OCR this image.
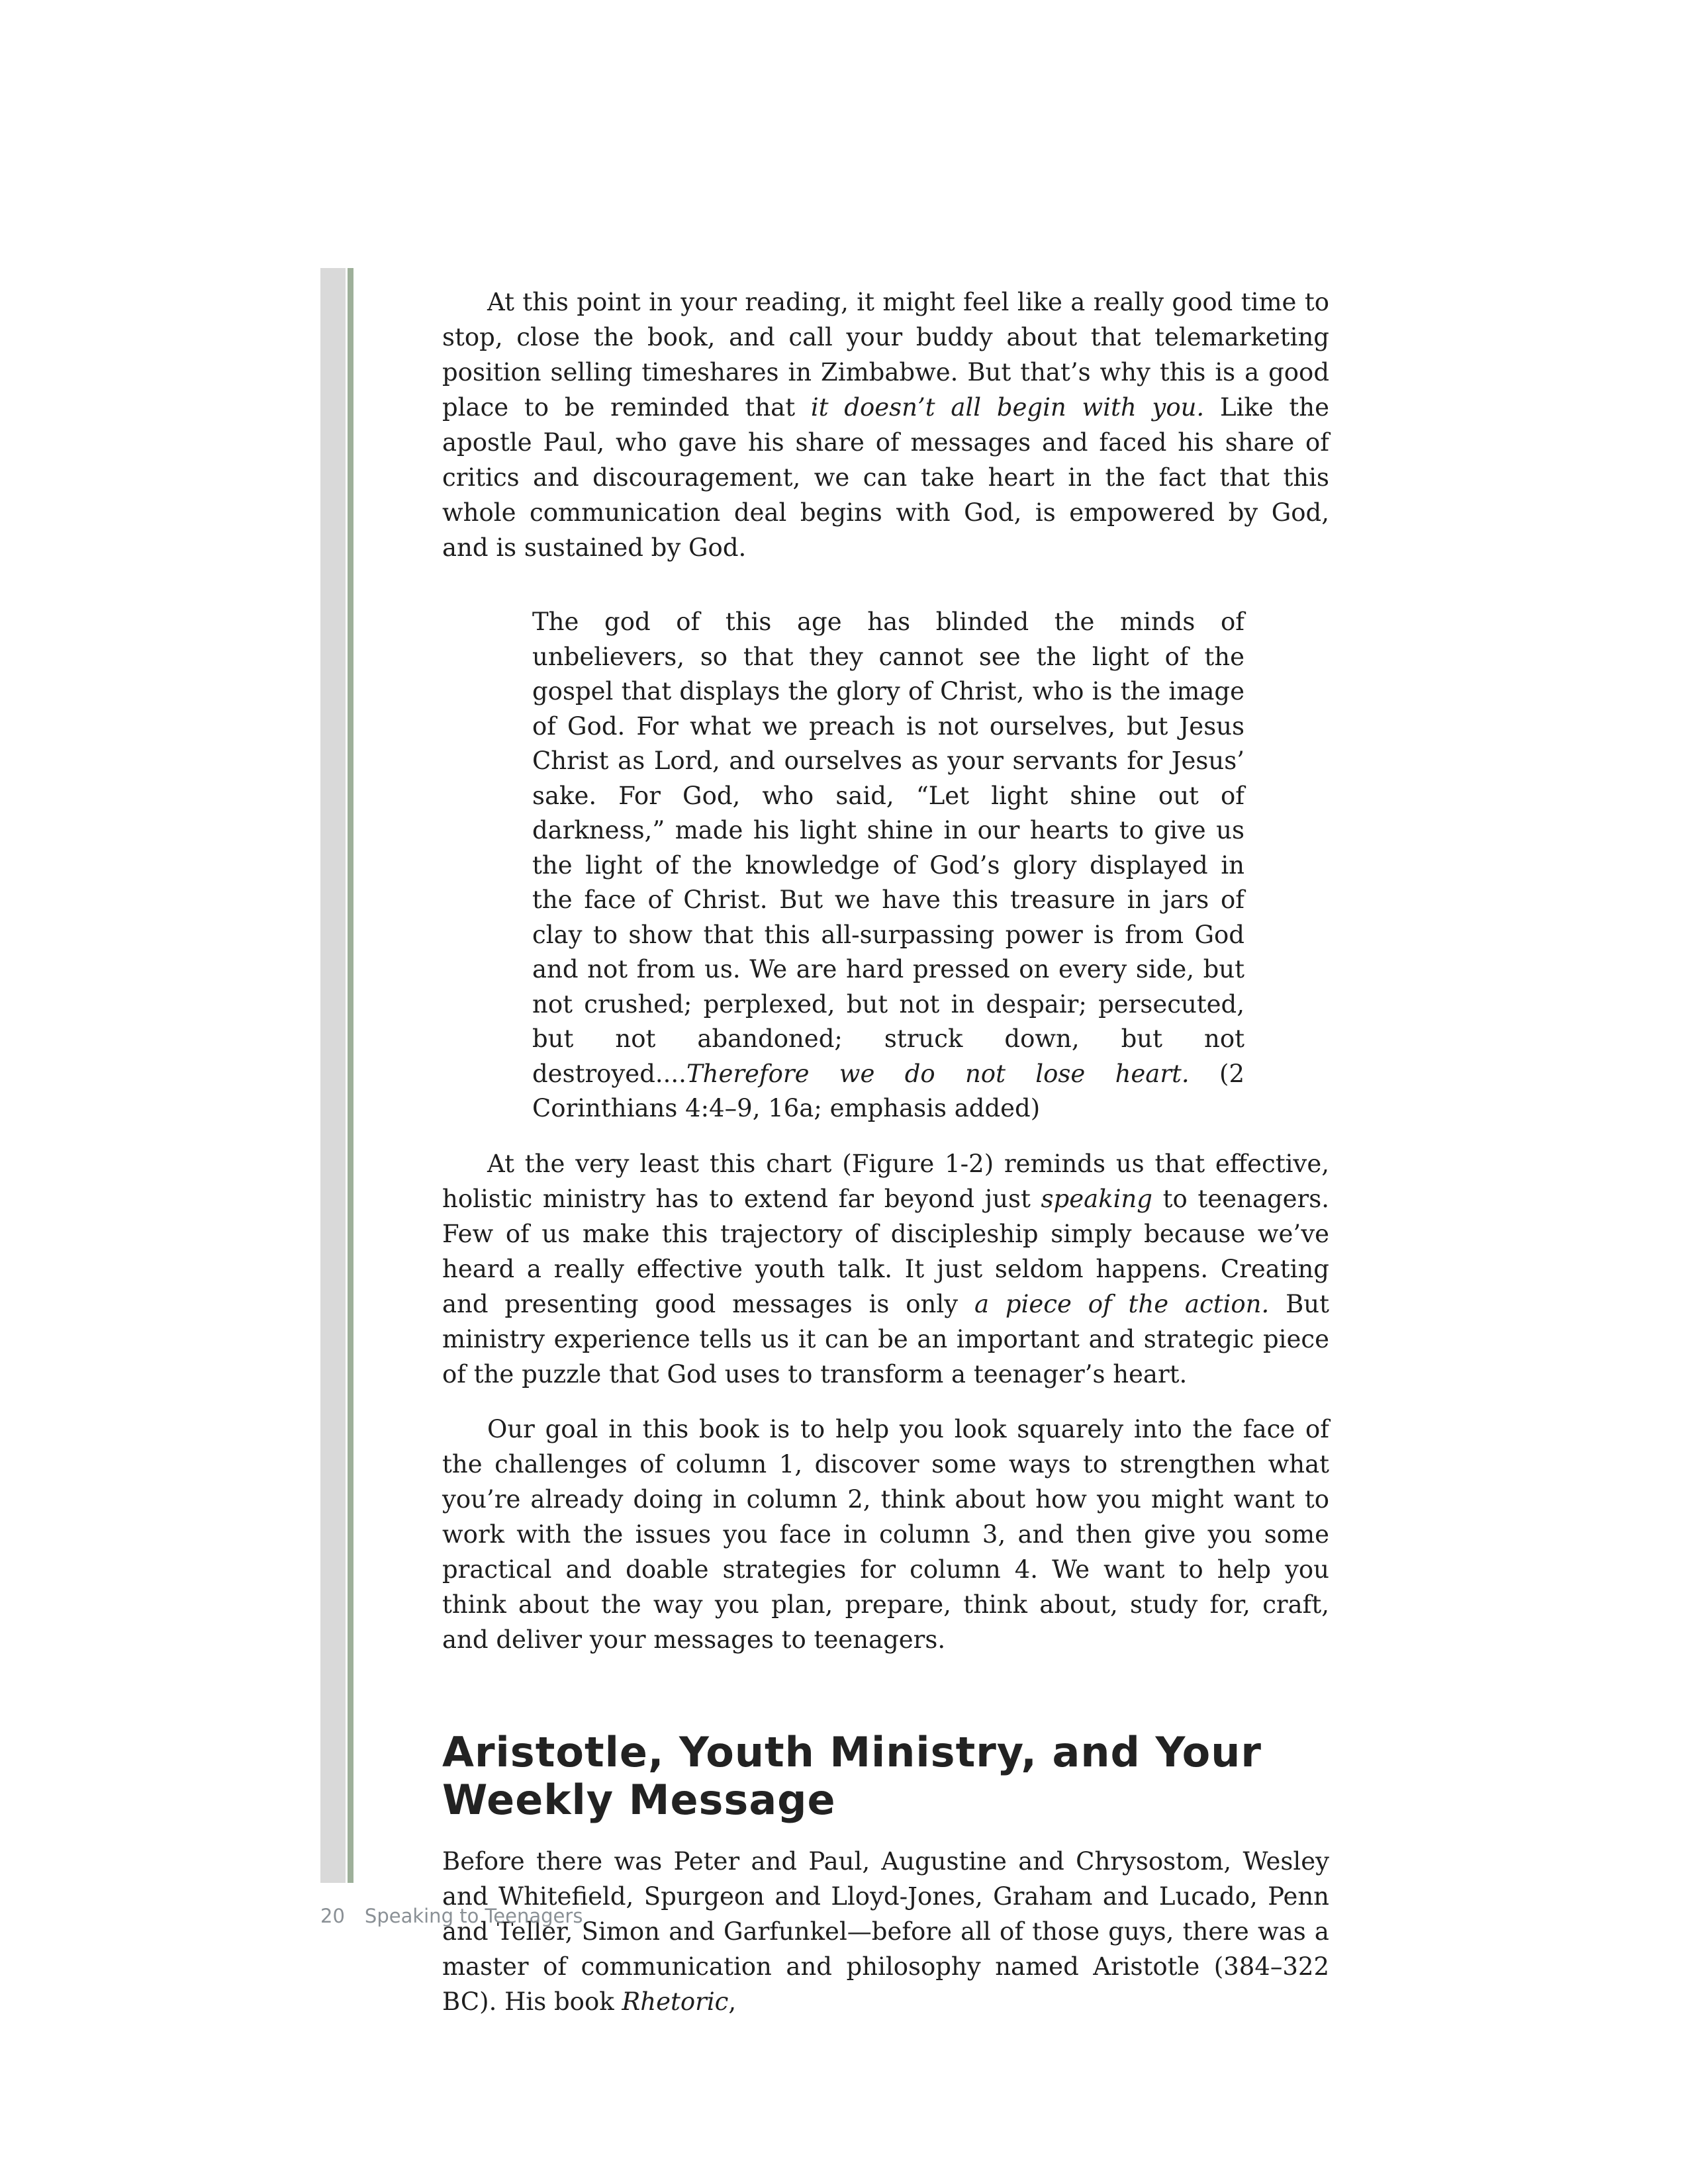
At this point in your reading, it might feel like a really good time to stop, close the book, and call your buddy about that telemarketing position selling timeshares in Zimbabwe. But that’s why this is a good place to be reminded that it doesn’t all begin with you. Like the apostle Paul, who gave his share of messages and faced his share of critics and discouragement, we can take heart in the fact that this whole communication deal begins with God, is empowered by God, and is sustained by God.

The god of this age has blinded the minds of unbelievers, so that they cannot see the light of the gospel that displays the glory of Christ, who is the image of God. For what we preach is not ourselves, but Jesus Christ as Lord, and ourselves as your servants for Jesus’ sake. For God, who said, “Let light shine out of darkness,” made his light shine in our hearts to give us the light of the knowledge of God’s glory displayed in the face of Christ. But we have this treasure in jars of clay to show that this all-surpassing power is from God and not from us. We are hard pressed on every side, but not crushed; perplexed, but not in despair; persecuted, but not abandoned; struck down, but not destroyed....Therefore we do not lose heart. (2 Corinthians 4:4–9, 16a; emphasis added)

At the very least this chart (Figure 1-2) reminds us that effective, holistic ministry has to extend far beyond just speaking to teenagers. Few of us make this trajectory of discipleship simply because we’ve heard a really effective youth talk. It just seldom happens. Creating and presenting good messages is only a piece of the action. But ministry experience tells us it can be an important and strategic piece of the puzzle that God uses to transform a teenager’s heart.

Our goal in this book is to help you look squarely into the face of the challenges of column 1, discover some ways to strengthen what you’re already doing in column 2, think about how you might want to work with the issues you face in column 3, and then give you some practical and doable strategies for column 4. We want to help you think about the way you plan, prepare, think about, study for, craft, and deliver your messages to teenagers.

Aristotle, Youth Ministry, and Your Weekly Message

Before there was Peter and Paul, Augustine and Chrysostom, Wesley and Whitefield, Spurgeon and Lloyd-Jones, Graham and Lucado, Penn and Teller, Simon and Garfunkel—before all of those guys, there was a master of communication and philosophy named Aristotle (384–322 BC). His book Rhetoric,

20 Speaking to Teenagers
